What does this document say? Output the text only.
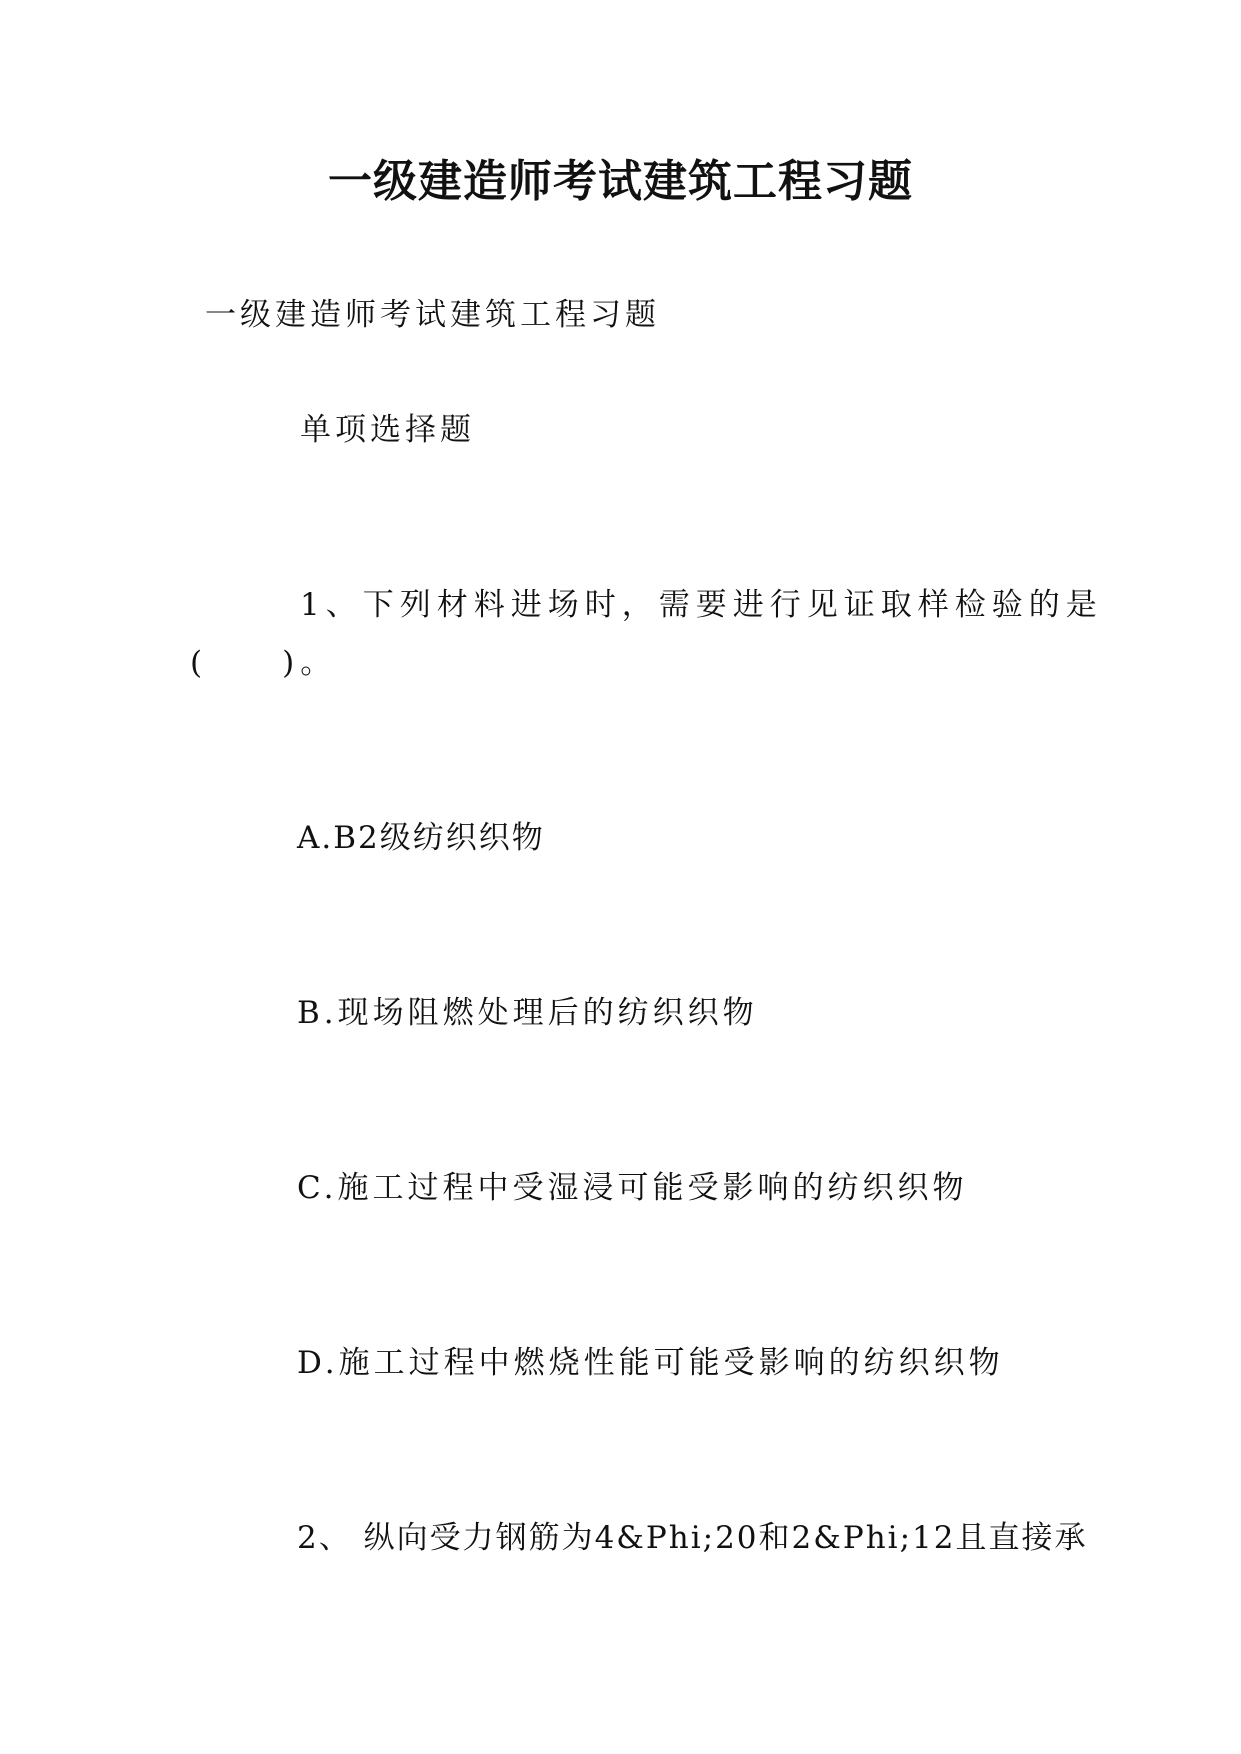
一级建造师考试建筑工程习题
一级建造师考试建筑工程习题
单项选择题
1、下列材料进场时，需要进行见证取样检验的是
(　　)。
A.B2级纺织织物
B.现场阻燃处理后的纺织织物
C.施工过程中受湿浸可能受影响的纺织织物
D.施工过程中燃烧性能可能受影响的纺织织物
2、 纵向受力钢筋为4&Phi;20和2&Phi;12且直接承
